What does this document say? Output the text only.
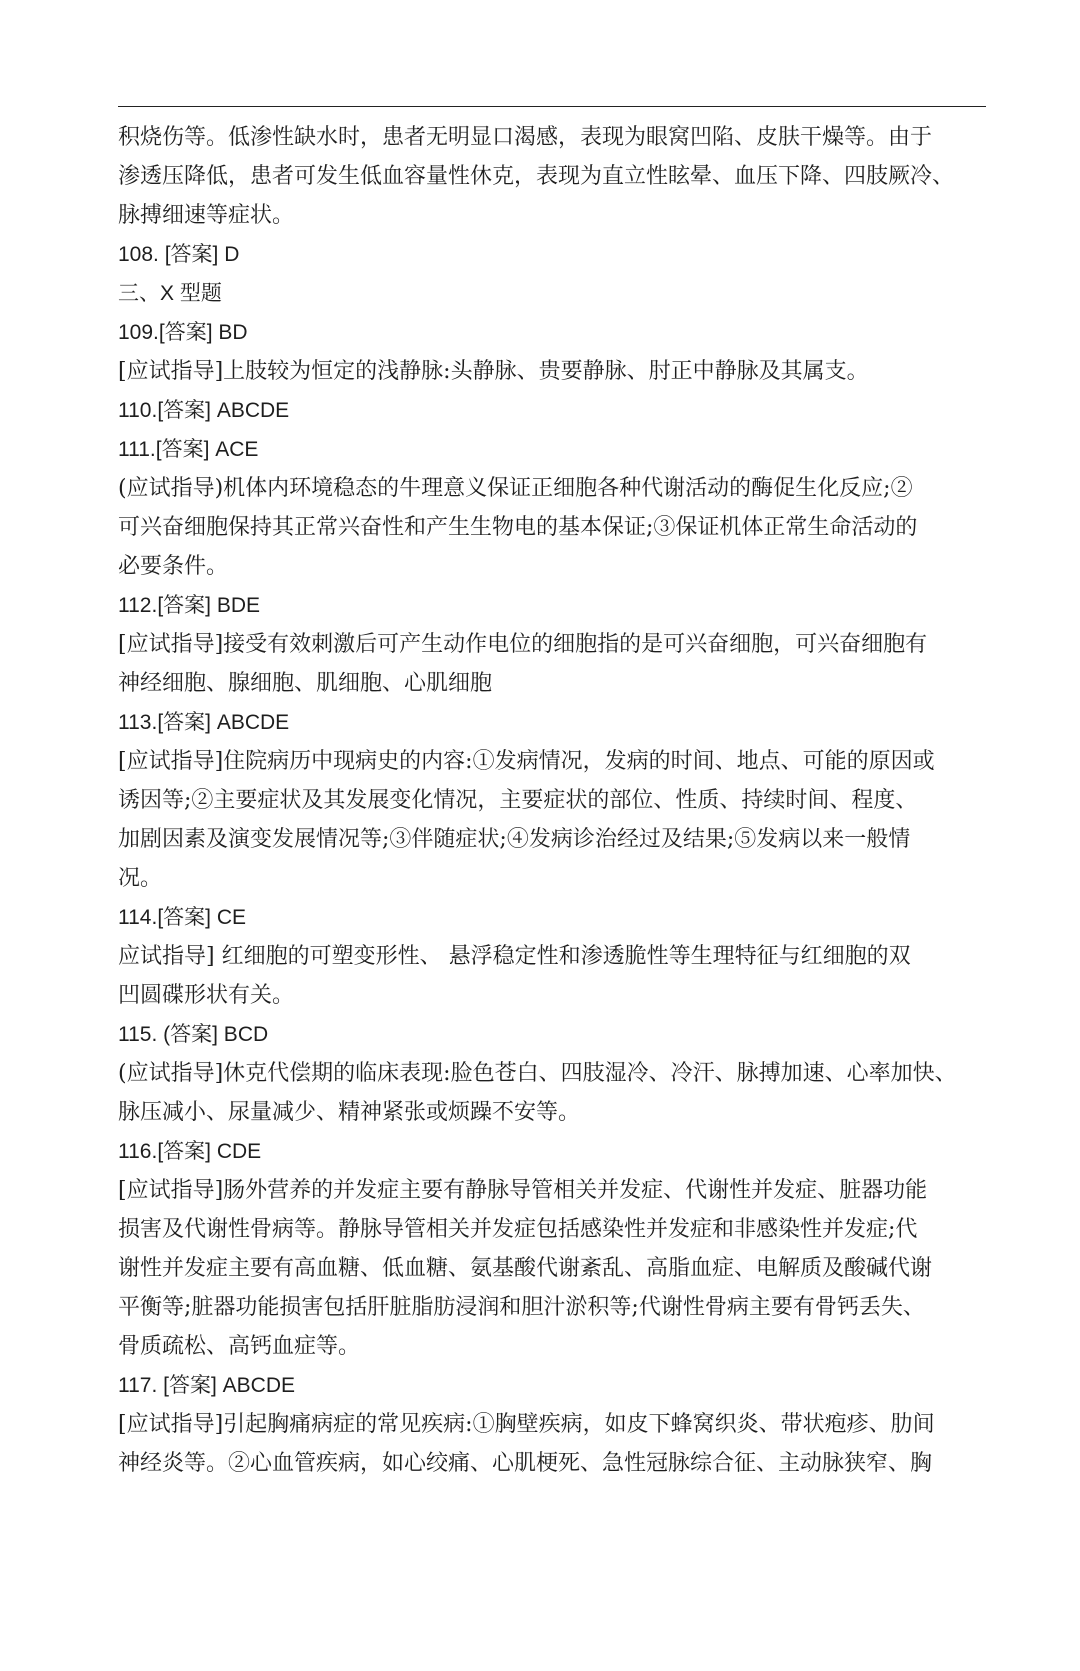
积烧伤等。低渗性缺水时，患者无明显口渴感，表现为眼窝凹陷、皮肤干燥等。由于
渗透压降低，患者可发生低血容量性休克，表现为直立性眩晕、血压下降、四肢厥冷、
脉搏细速等症状。
108. [答案] D
三、X 型题
109.[答案] BD
[应试指导]上肢较为恒定的浅静脉:头静脉、贵要静脉、肘正中静脉及其属支。
110.[答案] ABCDE
111.[答案] ACE
(应试指导)机体内环境稳态的牛理意义保证正细胞各种代谢活动的酶促生化反应;②
可兴奋细胞保持其正常兴奋性和产生生物电的基本保证;③保证机体正常生命活动的
必要条件。
112.[答案] BDE
[应试指导]接受有效刺激后可产生动作电位的细胞指的是可兴奋细胞，可兴奋细胞有
神经细胞、腺细胞、肌细胞、心肌细胞
113.[答案] ABCDE
[应试指导]住院病历中现病史的内容:①发病情况，发病的时间、地点、可能的原因或
诱因等;②主要症状及其发展变化情况，主要症状的部位、性质、持续时间、程度、
加剧因素及演变发展情况等;③伴随症状;④发病诊治经过及结果;⑤发病以来一般情
况。
114.[答案] CE
应试指导] 红细胞的可塑变形性、 悬浮稳定性和渗透脆性等生理特征与红细胞的双
凹圆碟形状有关。
115. (答案] BCD
(应试指导]休克代偿期的临床表现:脸色苍白、四肢湿冷、冷汗、脉搏加速、心率加快、
脉压减小、尿量减少、精神紧张或烦躁不安等。
116.[答案] CDE
[应试指导]肠外营养的并发症主要有静脉导管相关并发症、代谢性并发症、脏器功能
损害及代谢性骨病等。静脉导管相关并发症包括感染性并发症和非感染性并发症;代
谢性并发症主要有高血糖、低血糖、氨基酸代谢紊乱、高脂血症、电解质及酸碱代谢
平衡等;脏器功能损害包括肝脏脂肪浸润和胆汁淤积等;代谢性骨病主要有骨钙丢失、
骨质疏松、高钙血症等。
117. [答案] ABCDE
[应试指导]引起胸痛病症的常见疾病:①胸壁疾病，如皮下蜂窝织炎、带状疱疹、肋间
神经炎等。②心血管疾病，如心绞痛、心肌梗死、急性冠脉综合征、主动脉狭窄、胸
